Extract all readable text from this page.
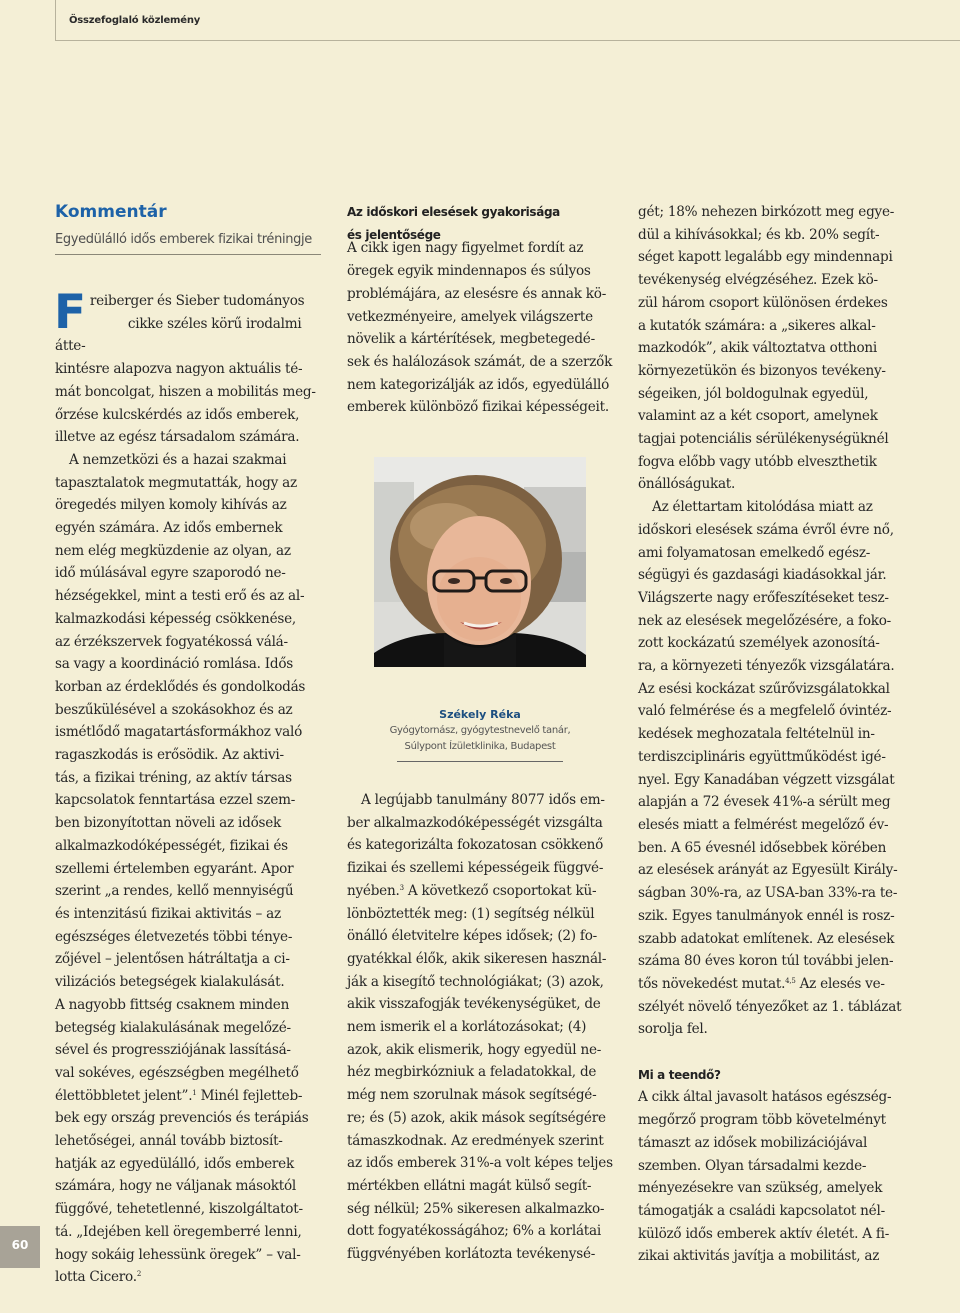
Összefoglaló közlemény
60
Kommentár
Egyedülálló idős emberek fizikai tréningje
F reiberger és Sieber tudományos
cikke széles körű irodalmi átte-
kintésre alapozva nagyon aktuális té-
mát boncolgat, hiszen a mobilitás meg-
őrzése kulcskérdés az idős emberek,
illetve az egész társadalom számára.

A nemzetközi és a hazai szakmai
tapasztalatok megmutatták, hogy az
öregedés milyen komoly kihívás az
egyén számára. Az idős embernek
nem elég megküzdenie az olyan, az
idő múlásával egyre szaporodó ne-
hézségekkel, mint a testi erő és az al-
kalmazkodási képesség csökkenése,
az érzékszervek fogyatékossá válá-
sa vagy a koordináció romlása. Idős
korban az érdeklődés és gondolkodás
beszűkülésével a szokásokhoz és az
ismétlődő magatartásformákhoz való
ragaszkodás is erősödik. Az aktivi-
tás, a fizikai tréning, az aktív társas
kapcsolatok fenntartása ezzel szem-
ben bizonyítottan növeli az idősek
alkalmazkodóképességét, fizikai és
szellemi értelemben egyaránt. Apor
szerint „a rendes, kellő mennyiségű
és intenzitású fizikai aktivitás – az
egészséges életvezetés többi ténye-
zőjével – jelentősen hátráltatja a ci-
vilizációs betegségek kialakulását.
A nagyobb fittség csaknem minden
betegség kialakulásának megelőzé-
sével és progressziójának lassításá-
val sokéves, egészségben megélhető
élettöbbletet jelent”.$^1$ Minél fejletteb-
bek egy ország prevenciós és terápiás
lehetőségei, annál tovább biztosít-
hatják az egyedülálló, idős emberek
számára, hogy ne váljanak másoktól
függővé, tehetetlenné, kiszolgáltatot-
tá. „Idejében kell öregemberré lenni,
hogy sokáig lehessünk öregek” – val-
lotta Cicero.$^2$

Az időskori elesések gyakorisága
és jelentősége

A cikk igen nagy figyelmet fordít az
öregek egyik mindennapos és súlyos
problémájára, az elesésre és annak kö-
vetkezményeire, amelyek világszerte
növelik a kártérítések, megbetegedé-
sek és halálozások számát, de a szerzők
nem kategorizálják az idős, egyedülálló
emberek különböző fizikai képességeit.

Székely Réka
Gyógytornász, gyógytestnevelő tanár,
Súlypont Ízületklinika, Budapest

A legújabb tanulmány 8077 idős em-
ber alkalmazkodóképességét vizsgálta
és kategorizálta fokozatosan csökkenő
fizikai és szellemi képességeik függvé-
nyében.$^3$ A következő csoportokat kü-
lönböztették meg: (1) segítség nélkül
önálló életvitelre képes idősek; (2) fo-
gyatékkal élők, akik sikeresen használ-
ják a kisegítő technológiákat; (3) azok,
akik visszafogják tevékenységüket, de
nem ismerik el a korlátozásokat; (4)
azok, akik elismerik, hogy egyedül ne-
héz megbirkózniuk a feladatokkal, de
még nem szorulnak mások segítségé-
re; és (5) azok, akik mások segítségére
támaszkodnak. Az eredmények szerint
az idős emberek 31%-a volt képes teljes
mértékben ellátni magát külső segít-
ség nélkül; 25% sikeresen alkalmazko-
dott fogyatékosságához; 6% a korlátai
függvényében korlátozta tevékenysé-

gét; 18% nehezen birkózott meg egye-
dül a kihívásokkal; és kb. 20% segít-
séget kapott legalább egy mindennapi
tevékenység elvégzéséhez. Ezek kö-
zül három csoport különösen érdekes
a kutatók számára: a „sikeres alkal-
mazkodók”, akik változtatva otthoni
környezetükön és bizonyos tevékeny-
ségeiken, jól boldogulnak egyedül,
valamint az a két csoport, amelynek
tagjai potenciális sérülékenységüknél
fogva előbb vagy utóbb elveszthetik
önállóságukat.

Az élettartam kitolódása miatt az
időskori elesések száma évről évre nő,
ami folyamatosan emelkedő egész-
ségügyi és gazdasági kiadásokkal jár.
Világszerte nagy erőfeszítéseket tesz-
nek az elesések megelőzésére, a foko-
zott kockázatú személyek azonosítá-
ra, a környezeti tényezők vizsgálatára.
Az esési kockázat szűrővizsgálatokkal
való felmérése és a megfelelő óvintéz-
kedések meghozatala feltételnül in-
terdiszciplináris együttműködést igé-
nyel. Egy Kanadában végzett vizsgálat
alapján a 72 évesek 41%-a sérült meg
elesés miatt a felmérést megelőző év-
ben. A 65 évesnél idősebbek körében
az elesések arányát az Egyesült Király-
ságban 30%-ra, az USA-ban 33%-ra te-
szik. Egyes tanulmányok ennél is rosz-
szabb adatokat említenek. Az elesések
száma 80 éves koron túl további jelen-
tős növekedést mutat.$^{4,5}$ Az elesés ve-
szélyét növelő tényezőket az 1. táblázat
sorolja fel.

Mi a teendő?

A cikk által javasolt hatásos egészség-
megőrző program több követelményt
támaszt az idősek mobilizációjával
szemben. Olyan társadalmi kezde-
ményezésekre van szükség, amelyek
támogatják a családi kapcsolatot nél-
külöző idős emberek aktív életét. A fi-
zikai aktivitás javítja a mobilitást, az
